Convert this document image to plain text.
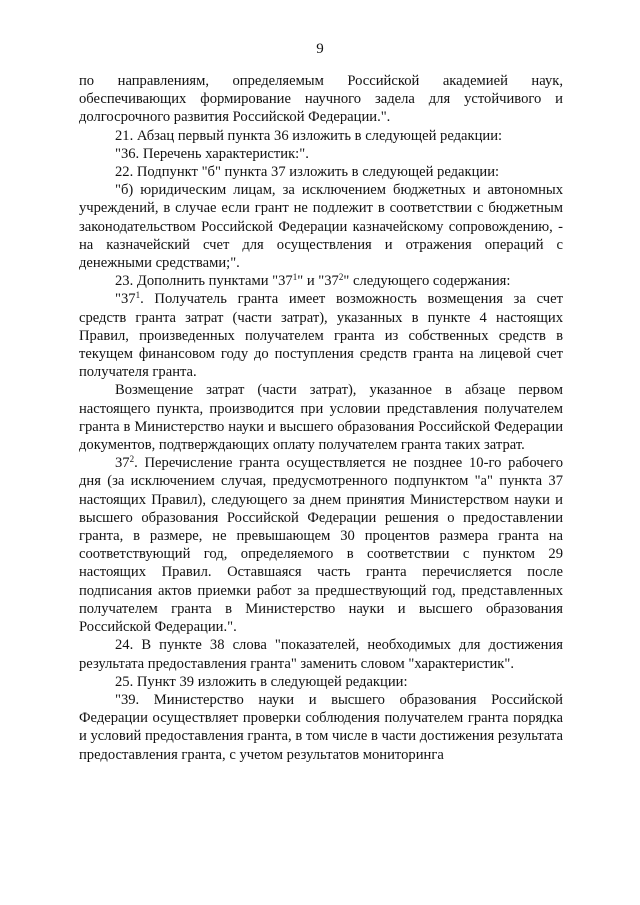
9

по направлениям, определяемым Российской академией наук, обеспечивающих формирование научного задела для устойчивого и долгосрочного развития Российской Федерации.".

21. Абзац первый пункта 36 изложить в следующей редакции:

"36. Перечень характеристик:".

22. Подпункт "б" пункта 37 изложить в следующей редакции:

"б) юридическим лицам, за исключением бюджетных и автономных учреждений, в случае если грант не подлежит в соответствии с бюджетным законодательством Российской Федерации казначейскому сопровождению, - на казначейский счет для осуществления и отражения операций с денежными средствами;".

23. Дополнить пунктами "$37^1$" и "$37^2$" следующего содержания:

"$37^1$. Получатель гранта имеет возможность возмещения за счет средств гранта затрат (части затрат), указанных в пункте 4 настоящих Правил, произведенных получателем гранта из собственных средств в текущем финансовом году до поступления средств гранта на лицевой счет получателя гранта.

Возмещение затрат (части затрат), указанное в абзаце первом настоящего пункта, производится при условии представления получателем гранта в Министерство науки и высшего образования Российской Федерации документов, подтверждающих оплату получателем гранта таких затрат.

$37^2$. Перечисление гранта осуществляется не позднее 10-го рабочего дня (за исключением случая, предусмотренного подпунктом "а" пункта 37 настоящих Правил), следующего за днем принятия Министерством науки и высшего образования Российской Федерации решения о предоставлении гранта, в размере, не превышающем 30 процентов размера гранта на соответствующий год, определяемого в соответствии с пунктом 29 настоящих Правил. Оставшаяся часть гранта перечисляется после подписания актов приемки работ за предшествующий год, представленных получателем гранта в Министерство науки и высшего образования Российской Федерации.".

24. В пункте 38 слова "показателей, необходимых для достижения результата предоставления гранта" заменить словом "характеристик".

25. Пункт 39 изложить в следующей редакции:

"39. Министерство науки и высшего образования Российской Федерации осуществляет проверки соблюдения получателем гранта порядка и условий предоставления гранта, в том числе в части достижения результата предоставления гранта, с учетом результатов мониторинга
